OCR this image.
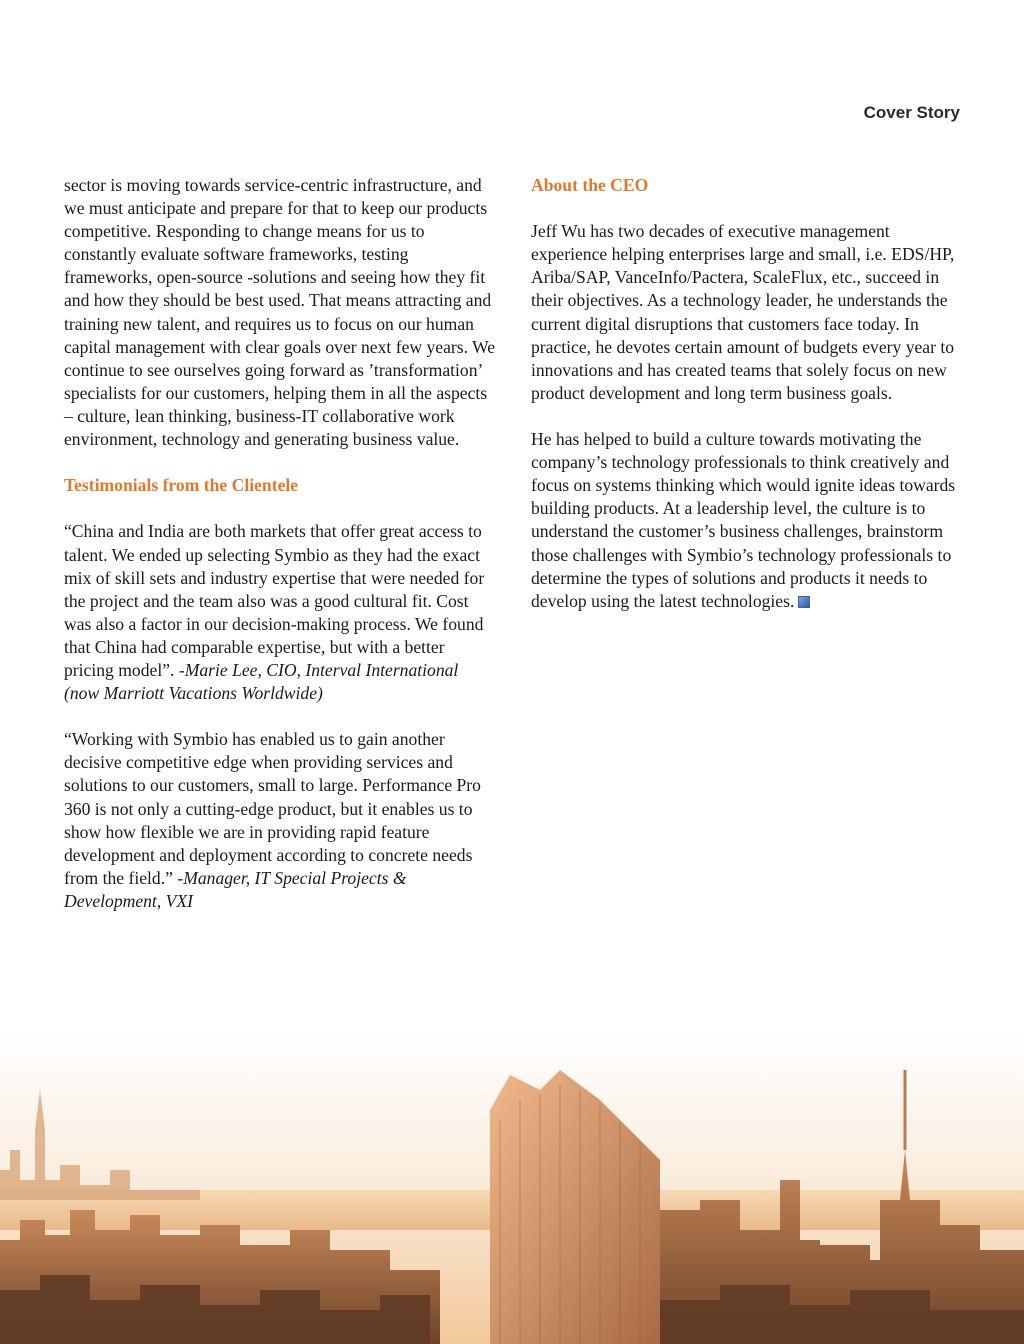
Cover Story

sector is moving towards service-centric infrastructure, and we must anticipate and prepare for that to keep our products competitive. Responding to change means for us to constantly evaluate software frameworks, testing frameworks, open-source -solutions and seeing how they fit and how they should be best used. That means attracting and training new talent, and requires us to focus on our human capital management with clear goals over next few years. We continue to see ourselves going forward as ’transformation’ specialists for our customers, helping them in all the aspects – culture, lean thinking, business-IT collaborative work environment, technology and generating business value.

Testimonials from the Clientele

“China and India are both markets that offer great access to talent. We ended up selecting Symbio as they had the exact mix of skill sets and industry expertise that were needed for the project and the team also was a good cultural fit. Cost was also a factor in our decision-making process. We found that China had comparable expertise, but with a better pricing model”. -Marie Lee, CIO, Interval International (now Marriott Vacations Worldwide)

“Working with Symbio has enabled us to gain another decisive competitive edge when providing services and solutions to our customers, small to large. Performance Pro 360 is not only a cutting-edge product, but it enables us to show how flexible we are in providing rapid feature development and deployment according to concrete needs from the field.” -Manager, IT Special Projects & Development, VXI

About the CEO

Jeff Wu has two decades of executive management experience helping enterprises large and small, i.e. EDS/HP, Ariba/SAP, VanceInfo/Pactera, ScaleFlux, etc., succeed in their objectives. As a technology leader, he understands the current digital disruptions that customers face today. In practice, he devotes certain amount of budgets every year to innovations and has created teams that solely focus on new product development and long term business goals.

He has helped to build a culture towards motivating the company’s technology professionals to think creatively and focus on systems thinking which would ignite ideas towards building products. At a leadership level, the culture is to understand the customer’s business challenges, brainstorm those challenges with Symbio’s technology professionals to determine the types of solutions and products it needs to develop using the latest technologies.
